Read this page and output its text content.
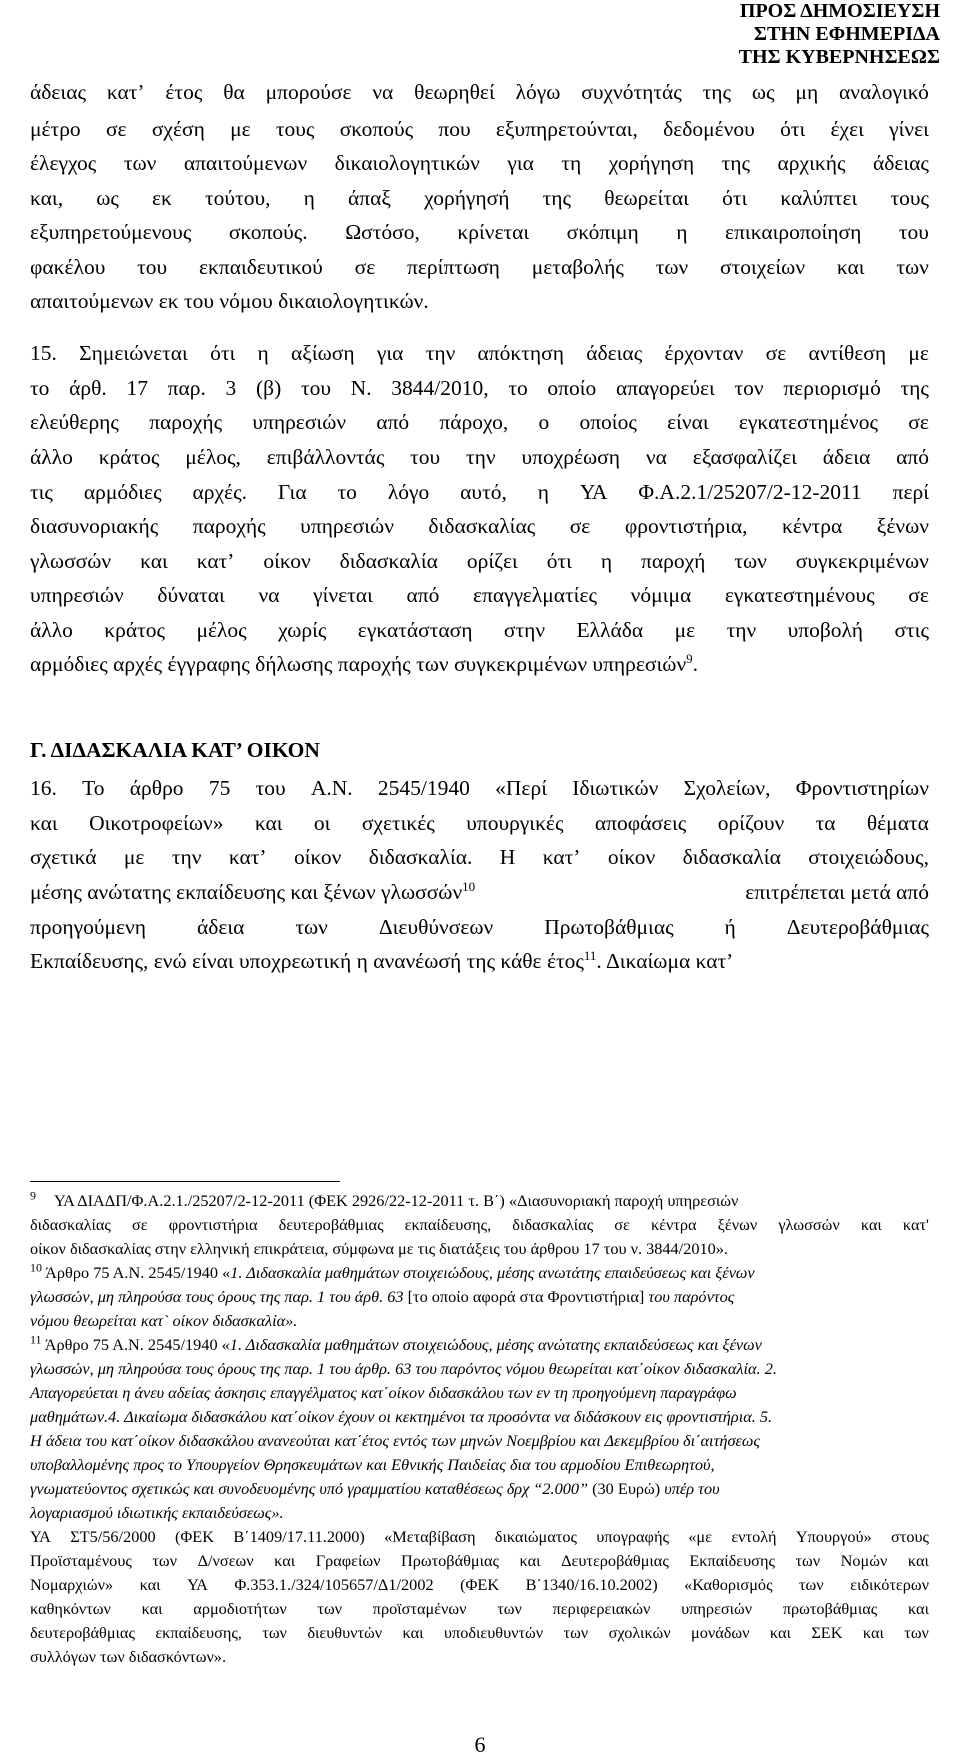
ΠΡΟΣ ΔΗΜΟΣΙΕΥΣΗ
ΣΤΗΝ ΕΦΗΜΕΡΙΔΑ
ΤΗΣ ΚΥΒΕΡΝΗΣΕΩΣ
άδειας κατ’ έτος θα μπορούσε να θεωρηθεί λόγω συχνότητάς της ως μη αναλογικό
μέτρο σε σχέση με τους σκοπούς που εξυπηρετούνται, δεδομένου ότι έχει γίνει
έλεγχος των απαιτούμενων δικαιολογητικών για τη χορήγηση της αρχικής άδειας
και, ως εκ τούτου, η άπαξ χορήγησή της θεωρείται ότι καλύπτει τους
εξυπηρετούμενους σκοπούς. Ωστόσο, κρίνεται σκόπιμη η επικαιροποίηση του
φακέλου του εκπαιδευτικού σε περίπτωση μεταβολής των στοιχείων και των
απαιτούμενων εκ του νόμου δικαιολογητικών.
15. Σημειώνεται ότι η αξίωση για την απόκτηση άδειας έρχονταν σε αντίθεση με
το άρθ. 17 παρ. 3 (β) του Ν. 3844/2010, το οποίο απαγορεύει τον περιορισμό της
ελεύθερης παροχής υπηρεσιών από πάροχο, ο οποίος είναι εγκατεστημένος σε
άλλο κράτος μέλος, επιβάλλοντάς του την υποχρέωση να εξασφαλίζει άδεια από
τις αρμόδιες αρχές. Για το λόγο αυτό, η ΥΑ Φ.Α.2.1/25207/2-12-2011 περί
διασυνοριακής παροχής υπηρεσιών διδασκαλίας σε φροντιστήρια, κέντρα ξένων
γλωσσών και κατ’ οίκον διδασκαλία ορίζει ότι η παροχή των συγκεκριμένων
υπηρεσιών δύναται να γίνεται από επαγγελματίες νόμιμα εγκατεστημένους σε
άλλο κράτος μέλος χωρίς εγκατάσταση στην Ελλάδα με την υποβολή στις
αρμόδιες αρχές έγγραφης δήλωσης παροχής των συγκεκριμένων υπηρεσιών$^9$.
Γ. ΔΙΔΑΣΚΑΛΙΑ ΚΑΤ’ ΟΙΚΟΝ
16. Το άρθρο 75 του Α.Ν. 2545/1940 «Περί Ιδιωτικών Σχολείων, Φροντιστηρίων
και Οικοτροφείων» και οι σχετικές υπουργικές αποφάσεις ορίζουν τα θέματα
σχετικά με την κατ’ οίκον διδασκαλία. Η κατ’ οίκον διδασκαλία στοιχειώδους,
μέσης ανώτατης εκπαίδευσης και ξένων γλωσσών$^{10}$	επιτρέπεται μετά από
προηγούμενη άδεια των Διευθύνσεων Πρωτοβάθμιας ή Δευτεροβάθμιας
Εκπαίδευσης, ενώ είναι υποχρεωτική η ανανέωσή της κάθε έτος$^{11}$. Δικαίωμα κατ’
$^9$ ΥΑ ΔΙΑΔΠ/Φ.Α.2.1./25207/2-12-2011 (ΦΕΚ 2926/22-12-2011 τ. Β΄) «Διασυνοριακή παροχή υπηρεσιών
διδασκαλίας σε φροντιστήρια δευτεροβάθμιας εκπαίδευσης, διδασκαλίας σε κέντρα ξένων γλωσσών και κατ'
οίκον διδασκαλίας στην ελληνική επικράτεια, σύμφωνα με τις διατάξεις του άρθρου 17 του ν. 3844/2010».
$^{10}$ Άρθρο 75 Α.Ν. 2545/1940 «1. Διδασκαλία μαθημάτων στοιχειώδους, μέσης ανωτάτης επαιδεύσεως και ξένων
γλωσσών, μη πληρούσα τους όρους της παρ. 1 του άρθ. 63 [το οποίο αφορά στα Φροντιστήρια] του παρόντος
νόμου θεωρείται κατ` οίκον διδασκαλία».
$^{11}$ Άρθρο 75 Α.Ν. 2545/1940 «1. Διδασκαλία μαθημάτων στοιχειώδους, μέσης ανώτατης εκπαιδεύσεως και ξένων
γλωσσών, μη πληρούσα τους όρους της παρ. 1 του άρθρ. 63 του παρόντος νόμου θεωρείται κατ΄οίκον διδασκαλία. 2.
Απαγορεύεται η άνευ αδείας άσκησις επαγγέλματος κατ΄οίκον διδασκάλου των εν τη προηγούμενη παραγράφω
μαθημάτων.4. Δικαίωμα διδασκάλου κατ΄οίκον έχουν οι κεκτημένοι τα προσόντα να διδάσκουν εις φροντιστήρια. 5.
Η άδεια του κατ΄οίκον διδασκάλου ανανεούται κατ΄έτος εντός των μηνών Νοεμβρίου και Δεκεμβρίου δι΄αιτήσεως
υποβαλλομένης προς το Υπουργείον Θρησκευμάτων και Εθνικής Παιδείας δια του αρμοδίου Επιθεωρητού,
γνωματεύοντος σχετικώς και συνοδευομένης υπό γραμματίου καταθέσεως δρχ “2.000” (30 Ευρώ) υπέρ του
λογαριασμού ιδιωτικής εκπαιδεύσεως».
ΥΑ ΣΤ5/56/2000 (ΦΕΚ Β΄1409/17.11.2000) «Μεταβίβαση δικαιώματος υπογραφής «με εντολή Υπουργού» στους
Προϊσταμένους των Δ/νσεων και Γραφείων Πρωτοβάθμιας και Δευτεροβάθμιας Εκπαίδευσης των Νομών και
Νομαρχιών» και ΥΑ Φ.353.1./324/105657/Δ1/2002 (ΦΕΚ Β΄1340/16.10.2002) «Καθορισμός των ειδικότερων
καθηκόντων και αρμοδιοτήτων των προϊσταμένων των περιφερειακών υπηρεσιών πρωτοβάθμιας και
δευτεροβάθμιας εκπαίδευσης, των διευθυντών και υποδιευθυντών των σχολικών μονάδων και ΣΕΚ και των
συλλόγων των διδασκόντων».
6
